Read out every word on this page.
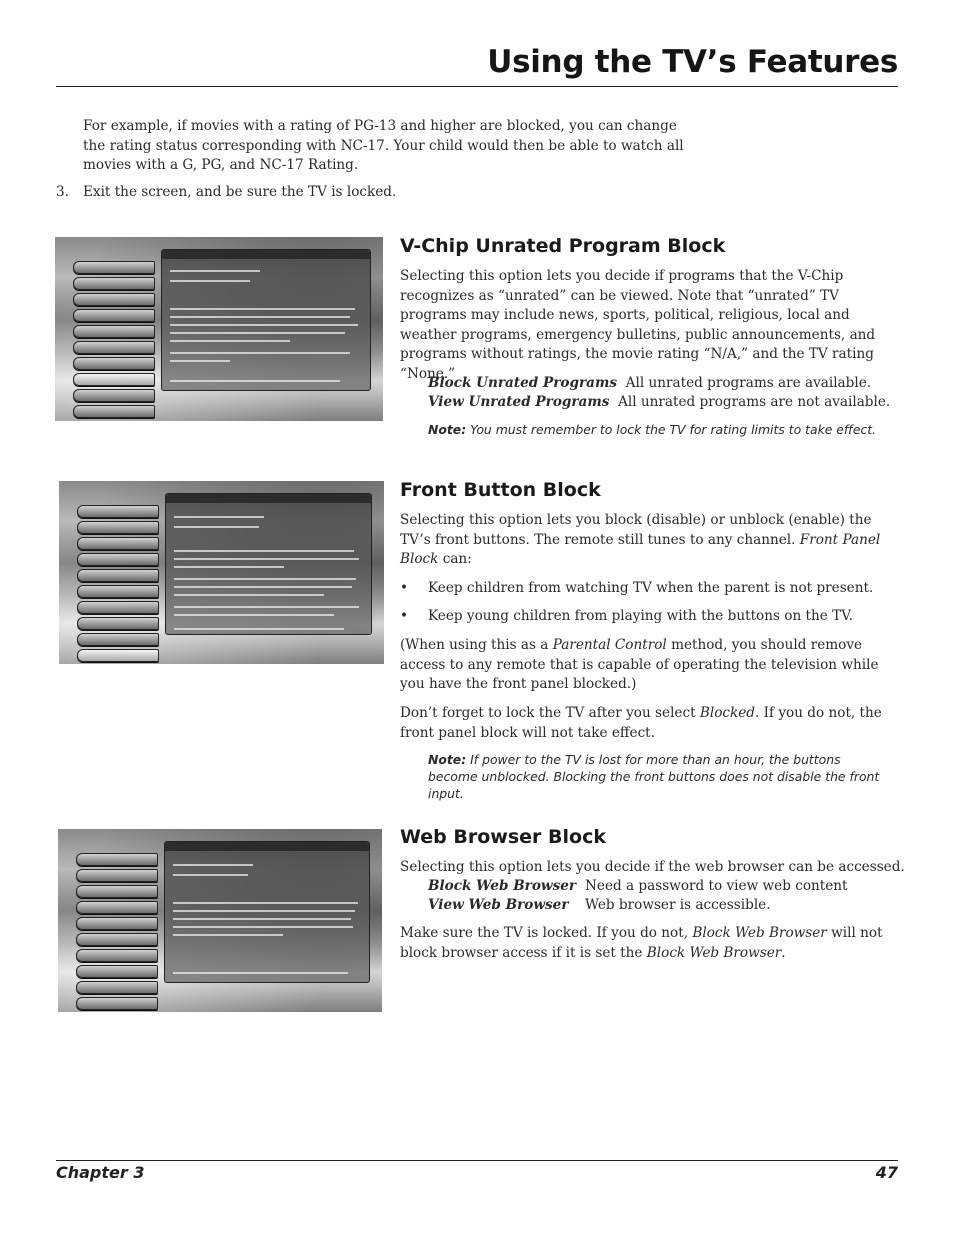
Using the TV’s Features

For example, if movies with a rating of PG-13 and higher are blocked, you can change the rating status corresponding with NC-17. Your child would then be able to watch all movies with a G, PG, and NC-17 Rating.

3. Exit the screen, and be sure the TV is locked.
V-Chip Unrated Program Block

Selecting this option lets you decide if programs that the V-Chip recognizes as “unrated” can be viewed. Note that “unrated” TV programs may include news, sports, political, religious, local and weather programs, emergency bulletins, public announcements, and programs without ratings, the movie rating “N/A,” and the TV rating “None.”

Block Unrated Programs All unrated programs are available.
View Unrated Programs All unrated programs are not available.
Note: You must remember to lock the TV for rating limits to take effect.
Front Button Block

Selecting this option lets you block (disable) or unblock (enable) the TV’s front buttons. The remote still tunes to any channel. Front Panel Block can:

• Keep children from watching TV when the parent is not present.
• Keep young children from playing with the buttons on the TV.

(When using this as a Parental Control method, you should remove access to any remote that is capable of operating the television while you have the front panel blocked.)

Don’t forget to lock the TV after you select Blocked. If you do not, the front panel block will not take effect.

Note: If power to the TV is lost for more than an hour, the buttons become unblocked. Blocking the front buttons does not disable the front input.
Web Browser Block

Selecting this option lets you decide if the web browser can be accessed.

Block Web Browser Need a password to view web content
View Web Browser Web browser is accessible.

Make sure the TV is locked. If you do not, Block Web Browser will not block browser access if it is set the Block Web Browser.

Chapter 3	47
